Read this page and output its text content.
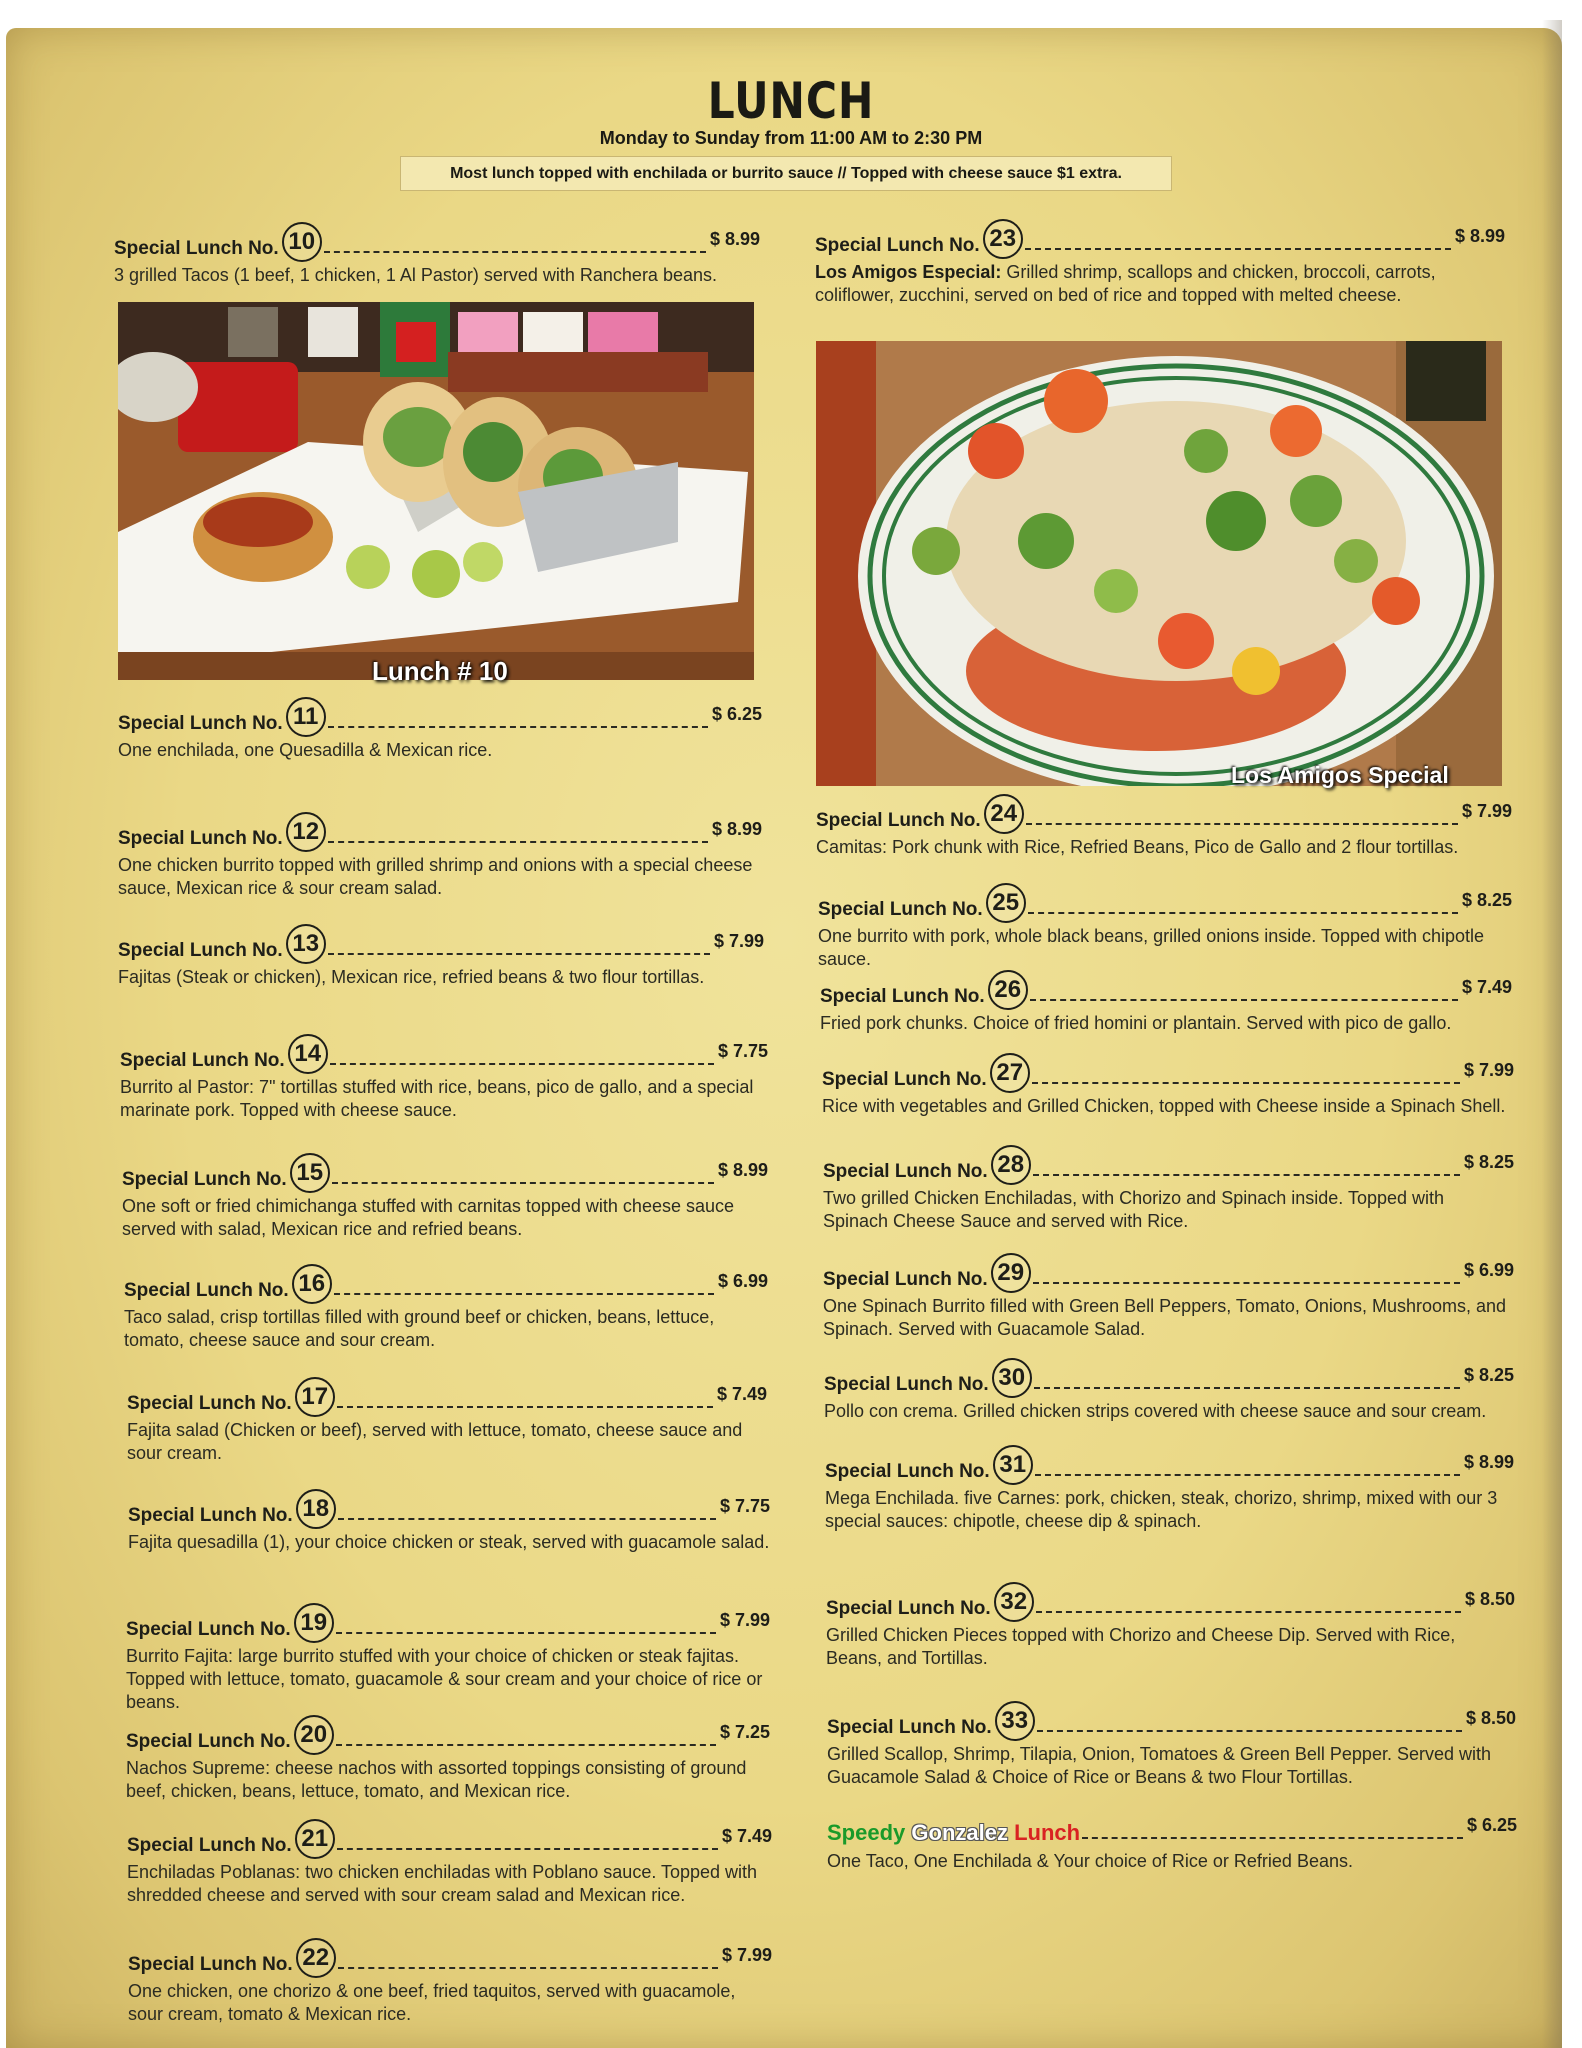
LUNCH
Monday to Sunday from 11:00 AM to 2:30 PM
Most lunch topped with enchilada or burrito sauce // Topped with cheese sauce $1 extra.
Special Lunch No. 10	$ 8.99
3 grilled Tacos (1 beef, 1 chicken, 1 Al Pastor) served with Ranchera beans.
Lunch # 10
Special Lunch No. 11	$ 6.25
One enchilada, one Quesadilla & Mexican rice.
Special Lunch No. 12	$ 8.99
One chicken burrito topped with grilled shrimp and onions with a special cheese sauce, Mexican rice & sour cream salad.
Special Lunch No. 13	$ 7.99
Fajitas (Steak or chicken), Mexican rice, refried beans & two flour tortillas.
Special Lunch No. 14	$ 7.75
Burrito al Pastor: 7" tortillas stuffed with rice, beans, pico de gallo, and a special marinate pork. Topped with cheese sauce.
Special Lunch No. 15	$ 8.99
One soft or fried chimichanga stuffed with carnitas topped with cheese sauce served with salad, Mexican rice and refried beans.
Special Lunch No. 16	$ 6.99
Taco salad, crisp tortillas filled with ground beef or chicken, beans, lettuce, tomato, cheese sauce and sour cream.
Special Lunch No. 17	$ 7.49
Fajita salad (Chicken or beef), served with lettuce, tomato, cheese sauce and sour cream.
Special Lunch No. 18	$ 7.75
Fajita quesadilla (1), your choice chicken or steak, served with guacamole salad.
Special Lunch No. 19	$ 7.99
Burrito Fajita: large burrito stuffed with your choice of chicken or steak fajitas. Topped with lettuce, tomato, guacamole & sour cream and your choice of rice or beans.
Special Lunch No. 20	$ 7.25
Nachos Supreme: cheese nachos with assorted toppings consisting of ground beef, chicken, beans, lettuce, tomato, and Mexican rice.
Special Lunch No. 21	$ 7.49
Enchiladas Poblanas: two chicken enchiladas with Poblano sauce. Topped with shredded cheese and served with sour cream salad and Mexican rice.
Special Lunch No. 22	$ 7.99
One chicken, one chorizo & one beef, fried taquitos, served with guacamole, sour cream, tomato & Mexican rice.
Special Lunch No. 23	$ 8.99
Los Amigos Especial: Grilled shrimp, scallops and chicken, broccoli, carrots, coliflower, zucchini, served on bed of rice and topped with melted cheese.
Los Amigos Special
Special Lunch No. 24	$ 7.99
Camitas: Pork chunk with Rice, Refried Beans, Pico de Gallo and 2 flour tortillas.
Special Lunch No. 25	$ 8.25
One burrito with pork, whole black beans, grilled onions inside. Topped with chipotle sauce.
Special Lunch No. 26	$ 7.49
Fried pork chunks. Choice of fried homini or plantain. Served with pico de gallo.
Special Lunch No. 27	$ 7.99
Rice with vegetables and Grilled Chicken, topped with Cheese inside a Spinach Shell.
Special Lunch No. 28	$ 8.25
Two grilled Chicken Enchiladas, with Chorizo and Spinach inside. Topped with Spinach Cheese Sauce and served with Rice.
Special Lunch No. 29	$ 6.99
One Spinach Burrito filled with Green Bell Peppers, Tomato, Onions, Mushrooms, and Spinach. Served with Guacamole Salad.
Special Lunch No. 30	$ 8.25
Pollo con crema. Grilled chicken strips covered with cheese sauce and sour cream.
Special Lunch No. 31	$ 8.99
Mega Enchilada. five Carnes: pork, chicken, steak, chorizo, shrimp, mixed with our 3 special sauces: chipotle, cheese dip & spinach.
Special Lunch No. 32	$ 8.50
Grilled Chicken Pieces topped with Chorizo and Cheese Dip. Served with Rice, Beans, and Tortillas.
Special Lunch No. 33	$ 8.50
Grilled Scallop, Shrimp, Tilapia, Onion, Tomatoes & Green Bell Pepper. Served with Guacamole Salad & Choice of Rice or Beans & two Flour Tortillas.
Speedy Gonzalez Lunch	$ 6.25
One Taco, One Enchilada & Your choice of Rice or Refried Beans.
